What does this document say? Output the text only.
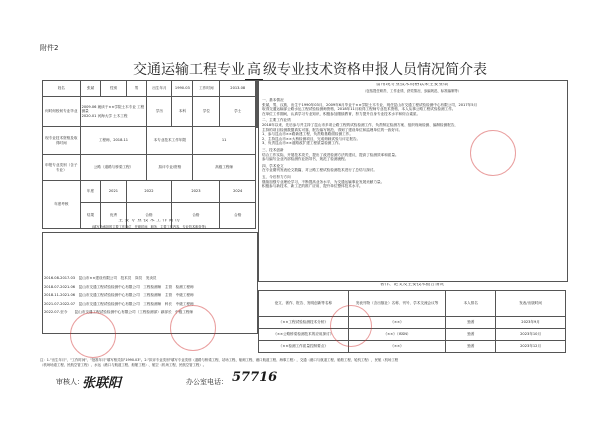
附件2
交通运输工程专业 高 级专业技术资格申报人员情况简介表
姓名	张斌	性别	男	出生年月	1990.03	工作时间	2013.08
何时何校何专业毕业	2009.06 就读于××学院土木专业 工程测量
2020.01 河海大学 土木工程			学历	本科	学位	学士
现专业技术资格及取得时间	工程师，2018.11			本专业技术工作年限		11	
申报专业类别（含子专业）	公路（道路与桥梁工程）			拟评专业/资格		高级工程师	
年度考核	年度	2021	2022		2023		2024
	结果	优秀	合格		合格		合格
主 要 专 业 技 术 工 作 简 历
(填写所承担的主要工作岗位、任职时间、职务、主要工作内容、专业技术职务等)
2016.08-2017.03　昆山市××建设有限公司　技术员　岗员　发卖员
2018.07-2021.06　昆山市交通工程试验检测中心有限公司　工程检测师　主管　检测工程师
2018.11-2021.06　昆山市交通工程试验检测中心有限公司　工程检测师　主管　中级工程师
2021.07-2022.07　昆山市交通工程试验检测中心有限公司　工程检测师　科长　中级工程师
2022.07-至今　　昆山市交通工程试验检测中心有限公司（工程检测部）副部长　中级工程师
留用现专业技术资格以来主要业绩
（包括提任职责、工作业绩、获奖情况、参编规范、标准编制等）
一、基本情况
张斌，男，汉族，出生于1990年03月，2009年6月毕业于××学院土木专业，现任昆山市交通工程试验检测中心有限公司，2017年5月
取得交通运输部公路水运工程试验检测师资格，2018年11月取得工程师专业技术资格，本人从事公路工程试验检测工作。
在单位工作期间，认真学习专业知识，积极参加继续教育，努力提升自身专业技术水平和综合素质。
二、主要工作业绩
2018年以来，先后参与并主持了昆山市多项公路工程的试验检测工作，负责制定检测方案、组织现场检测、编制检测报告，
主持的项目检测数据真实可靠，报告编写规范，得到了建设单位和监理单位的一致好评。
1、参与昆山市××路新建工程，负责路基路面检测工作。
2、主持昆山市××大桥检测项目，完成荷载试验与评定报告。
3、负责昆山市××道路改扩建工程质量检测工作。
三、技术创新
结合工作实际，开展技术攻关，提出了改进检测方法的建议，提高了检测效率和质量。
参与编写企业内部检测作业指导书，规范了检测流程。
四、学术论文
在专业期刊发表论文数篇，对公路工程试验检测技术进行了总结与探讨。
五、今后努力方向
继续加强专业理论学习，不断提高业务水平，为交通运输事业发展贡献力量。
积极参与新技术、新工艺的推广应用，提升单位整体技术水平。
著作、论文及主要技术报告情况
论文、著作、报告、发明创新等名称	发表刊物（含出版社）名称、刊号、学术交流会议等	本人排名	发表/出版时间
《××工程试验检测技术分析》	《××》	独著	2023年9月
《××公路桥梁检测技术的应用探讨》	《××》（ISSN）	独著	2023年10月
《××检测工作质量控制要点》	《××》	独著	2023年12月
注：1."出生年月"、"工作时间"、"批准年月"填写格式如"1990.03"。2."拟评专业类别"填写专业类别（道路与桥梁工程、站场工程、船闸工程、港口航道工程、海事工程），交通（港口与航道工程、船舶工程、轮机工程），民航（机场工程
（机场场道工程、民航空管工程）、水运（港口与航道工程、船舶工程）、航空（机场工程、民航空管工程）。
审核人：
张联阳	办公室电话： 57716
